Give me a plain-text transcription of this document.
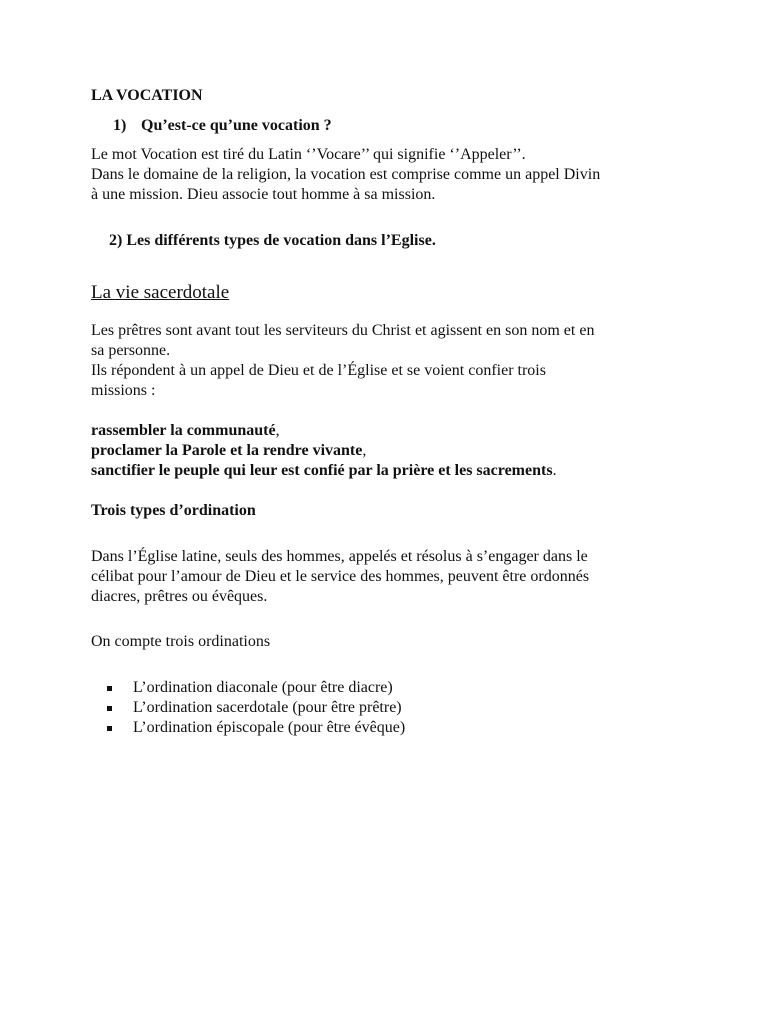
LA VOCATION
1) Qu’est-ce qu’une vocation ?
Le mot Vocation est tiré du Latin ‘’Vocare’’ qui signifie ‘’Appeler’’.
Dans le domaine de la religion, la vocation est comprise comme un appel Divin
à une mission. Dieu associe tout homme à sa mission.
2) Les différents types de vocation dans l’Eglise.
La vie sacerdotale
Les prêtres sont avant tout les serviteurs du Christ et agissent en son nom et en
sa personne.
Ils répondent à un appel de Dieu et de l’Église et se voient confier trois
missions :
rassembler la communauté,
proclamer la Parole et la rendre vivante,
sanctifier le peuple qui leur est confié par la prière et les sacrements.
Trois types d’ordination
Dans l’Église latine, seuls des hommes, appelés et résolus à s’engager dans le
célibat pour l’amour de Dieu et le service des hommes, peuvent être ordonnés
diacres, prêtres ou évêques.
On compte trois ordinations
L’ordination diaconale (pour être diacre)
L’ordination sacerdotale (pour être prêtre)
L’ordination épiscopale (pour être évêque)
